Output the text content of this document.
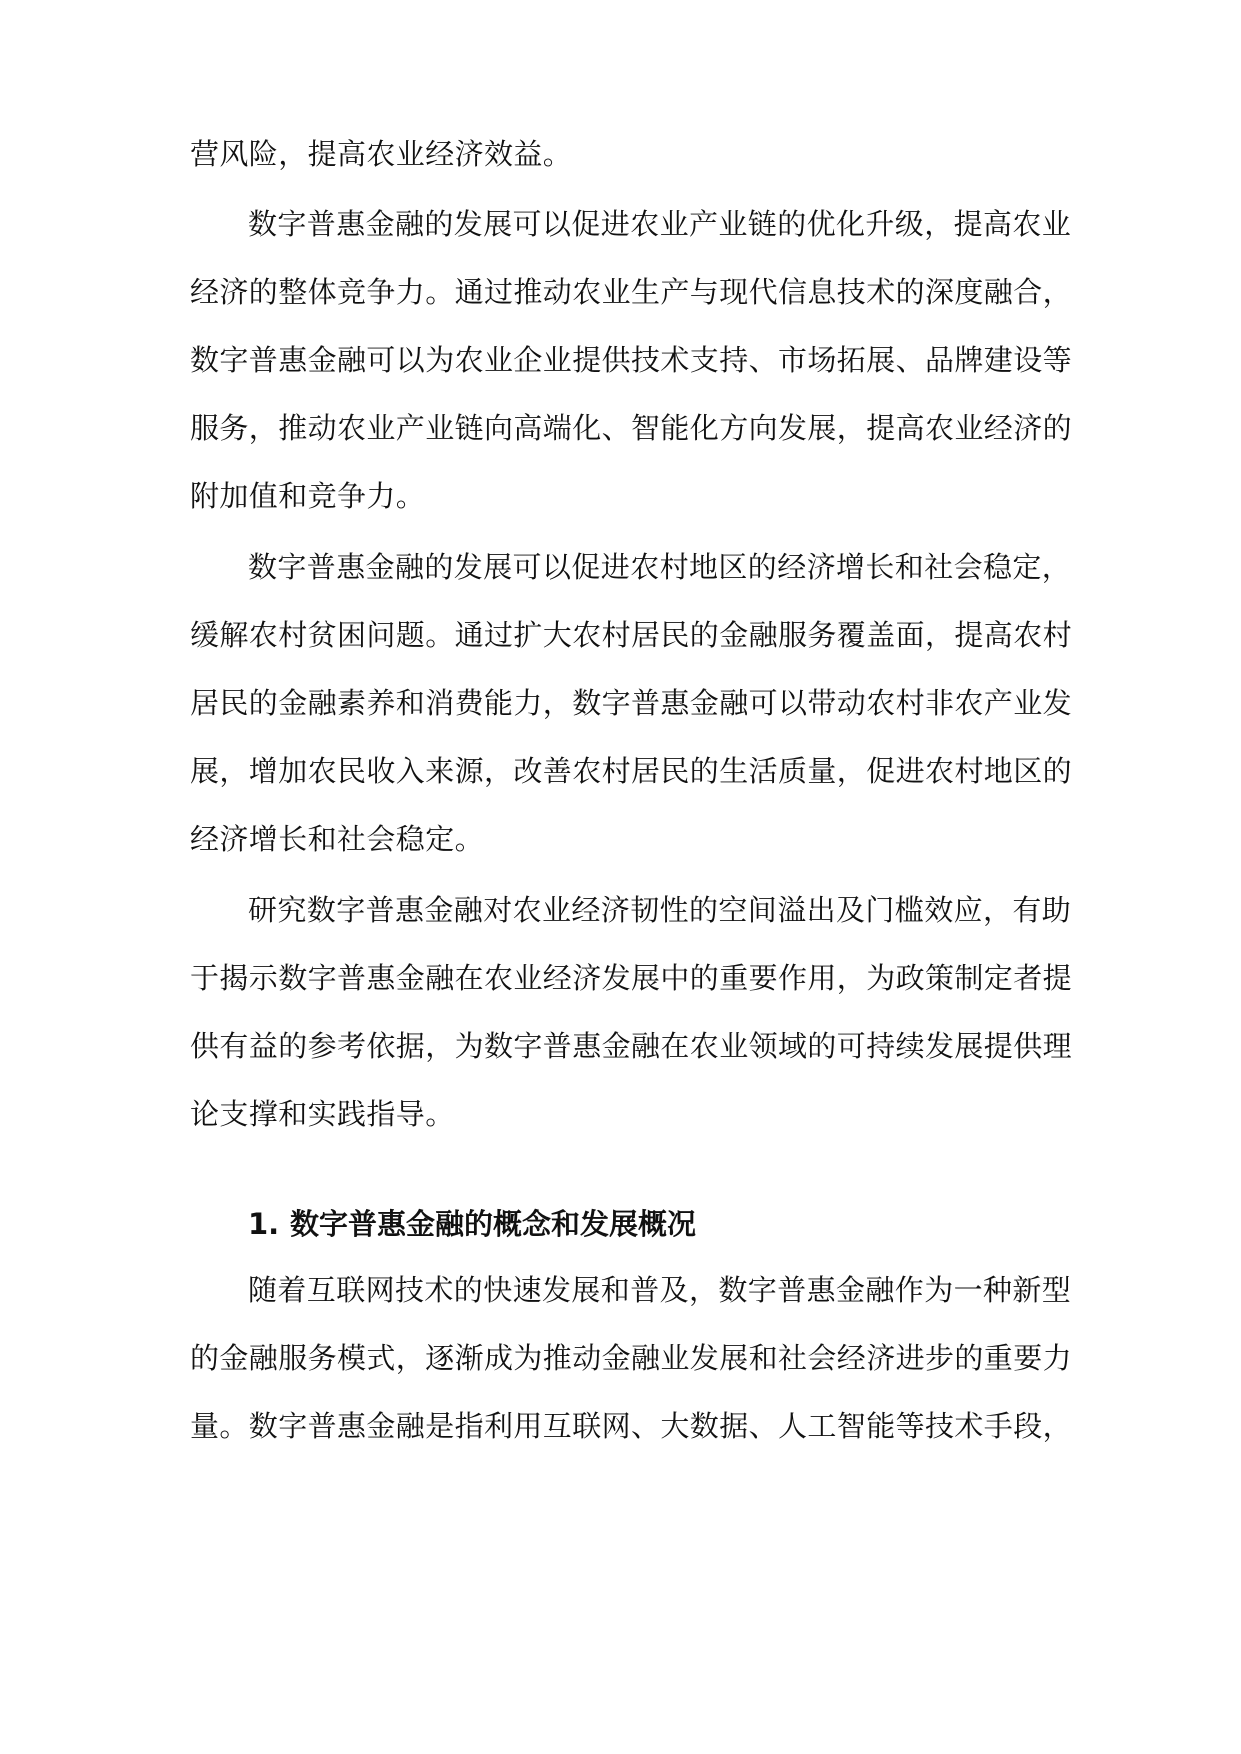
营风险，提高农业经济效益。
数字普惠金融的发展可以促进农业产业链的优化升级，提高农业
经济的整体竞争力。通过推动农业生产与现代信息技术的深度融合，
数字普惠金融可以为农业企业提供技术支持、市场拓展、品牌建设等
服务，推动农业产业链向高端化、智能化方向发展，提高农业经济的
附加值和竞争力。
数字普惠金融的发展可以促进农村地区的经济增长和社会稳定，
缓解农村贫困问题。通过扩大农村居民的金融服务覆盖面，提高农村
居民的金融素养和消费能力，数字普惠金融可以带动农村非农产业发
展，增加农民收入来源，改善农村居民的生活质量，促进农村地区的
经济增长和社会稳定。
研究数字普惠金融对农业经济韧性的空间溢出及门槛效应，有助
于揭示数字普惠金融在农业经济发展中的重要作用，为政策制定者提
供有益的参考依据，为数字普惠金融在农业领域的可持续发展提供理
论支撑和实践指导。
1. 数字普惠金融的概念和发展概况
随着互联网技术的快速发展和普及，数字普惠金融作为一种新型
的金融服务模式，逐渐成为推动金融业发展和社会经济进步的重要力
量。数字普惠金融是指利用互联网、大数据、人工智能等技术手段，
